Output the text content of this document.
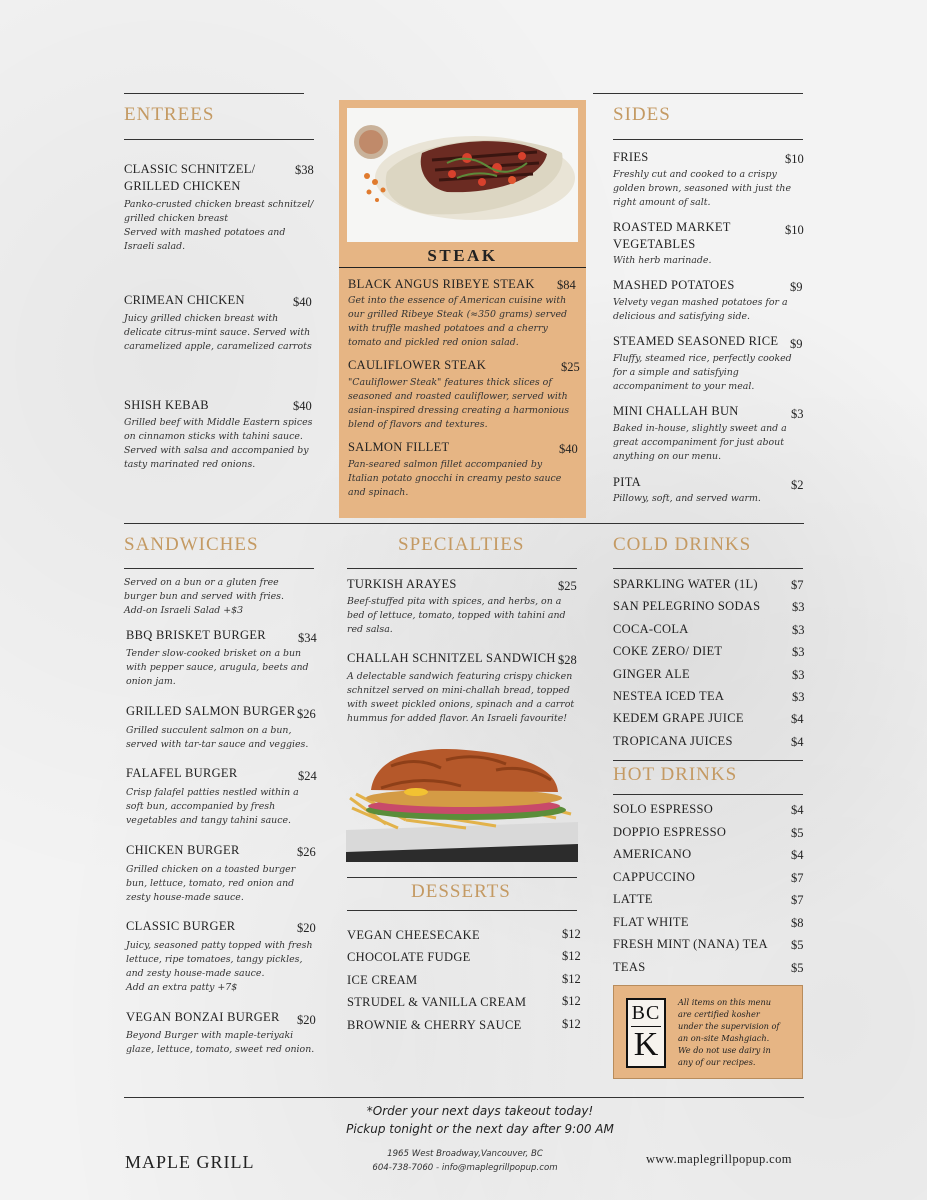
ENTREES
CLASSIC SCHNITZEL/
GRILLED CHICKEN
$38
Panko-crusted chicken breast schnitzel/
grilled chicken breast
Served with mashed potatoes and
Israeli salad.
CRIMEAN CHICKEN	$40
Juicy grilled chicken breast with
delicate citrus-mint sauce. Served with
caramelized apple, caramelized carrots
SHISH KEBAB	$40
Grilled beef with Middle Eastern spices
on cinnamon sticks with tahini sauce.
Served with salsa and accompanied by
tasty marinated red onions.
STEAK
BLACK ANGUS RIBEYE STEAK $84
Get into the essence of American cuisine with
our grilled Ribeye Steak (≈350 grams) served
with truffle mashed potatoes and a cherry
tomato and pickled red onion salad.
CAULIFLOWER STEAK	$25
"Cauliflower Steak" features thick slices of
seasoned and roasted cauliflower, served with
asian-inspired dressing creating a harmonious
blend of flavors and textures.
SALMON FILLET	$40
Pan-seared salmon fillet accompanied by
Italian potato gnocchi in creamy pesto sauce
and spinach.
SIDES
FRIES	$10
Freshly cut and cooked to a crispy
golden brown, seasoned with just the
right amount of salt.
ROASTED MARKET
VEGETABLES
$10
With herb marinade.
MASHED POTATOES	$9
Velvety vegan mashed potatoes for a
delicious and satisfying side.
STEAMED SEASONED RICE $9
Fluffy, steamed rice, perfectly cooked
for a simple and satisfying
accompaniment to your meal.
MINI CHALLAH BUN	$3
Baked in-house, slightly sweet and a
great accompaniment for just about
anything on our menu.
PITA	$2
Pillowy, soft, and served warm.
SANDWICHES
Served on a bun or a gluten free
burger bun and served with fries.
Add-on Israeli Salad +$3
BBQ BRISKET BURGER	$34
Tender slow-cooked brisket on a bun
with pepper sauce, arugula, beets and
onion jam.
GRILLED SALMON BURGER $26
Grilled succulent salmon on a bun,
served with tar-tar sauce and veggies.
FALAFEL BURGER	$24
Crisp falafel patties nestled within a
soft bun, accompanied by fresh
vegetables and tangy tahini sauce.
CHICKEN BURGER	$26
Grilled chicken on a toasted burger
bun, lettuce, tomato, red onion and
zesty house-made sauce.
CLASSIC BURGER	$20
Juicy, seasoned patty topped with fresh
lettuce, ripe tomatoes, tangy pickles,
and zesty house-made sauce.
Add an extra patty +7$
VEGAN BONZAI BURGER $20
Beyond Burger with maple-teriyaki
glaze, lettuce, tomato, sweet red onion.
SPECIALTIES
TURKISH ARAYES	$25
Beef-stuffed pita with spices, and herbs, on a
bed of lettuce, tomato, topped with tahini and
red salsa.
CHALLAH SCHNITZEL SANDWICH $28
A delectable sandwich featuring crispy chicken
schnitzel served on mini-challah bread, topped
with sweet pickled onions, spinach and a carrot
hummus for added flavor. An Israeli favourite!
DESSERTS
VEGAN CHEESECAKE	$12
CHOCOLATE FUDGE	$12
ICE CREAM	$12
STRUDEL & VANILLA CREAM	$12
BROWNIE & CHERRY SAUCE	$12
COLD DRINKS
SPARKLING WATER (1L)	$7
SAN PELEGRINO SODAS	$3
COCA-COLA	$3
COKE ZERO/ DIET	$3
GINGER ALE	$3
NESTEA ICED TEA	$3
KEDEM GRAPE JUICE	$4
TROPICANA JUICES	$4
HOT DRINKS
SOLO ESPRESSO	$4
DOPPIO ESPRESSO	$5
AMERICANO	$4
CAPPUCCINO	$7
LATTE	$7
FLAT WHITE	$8
FRESH MINT (NANA) TEA $5
TEAS	$5
BC
K
All items on this menu
are certified kosher
under the supervision of
an on-site Mashgiach.
We do not use dairy in
any of our recipes.
*Order your next days takeout today!
Pickup tonight or the next day after 9:00 AM
MAPLE GRILL	1965 West Broadway,Vancouver, BC
604-738-7060 - info@maplegrillpopup.com
www.maplegrillpopup.com
